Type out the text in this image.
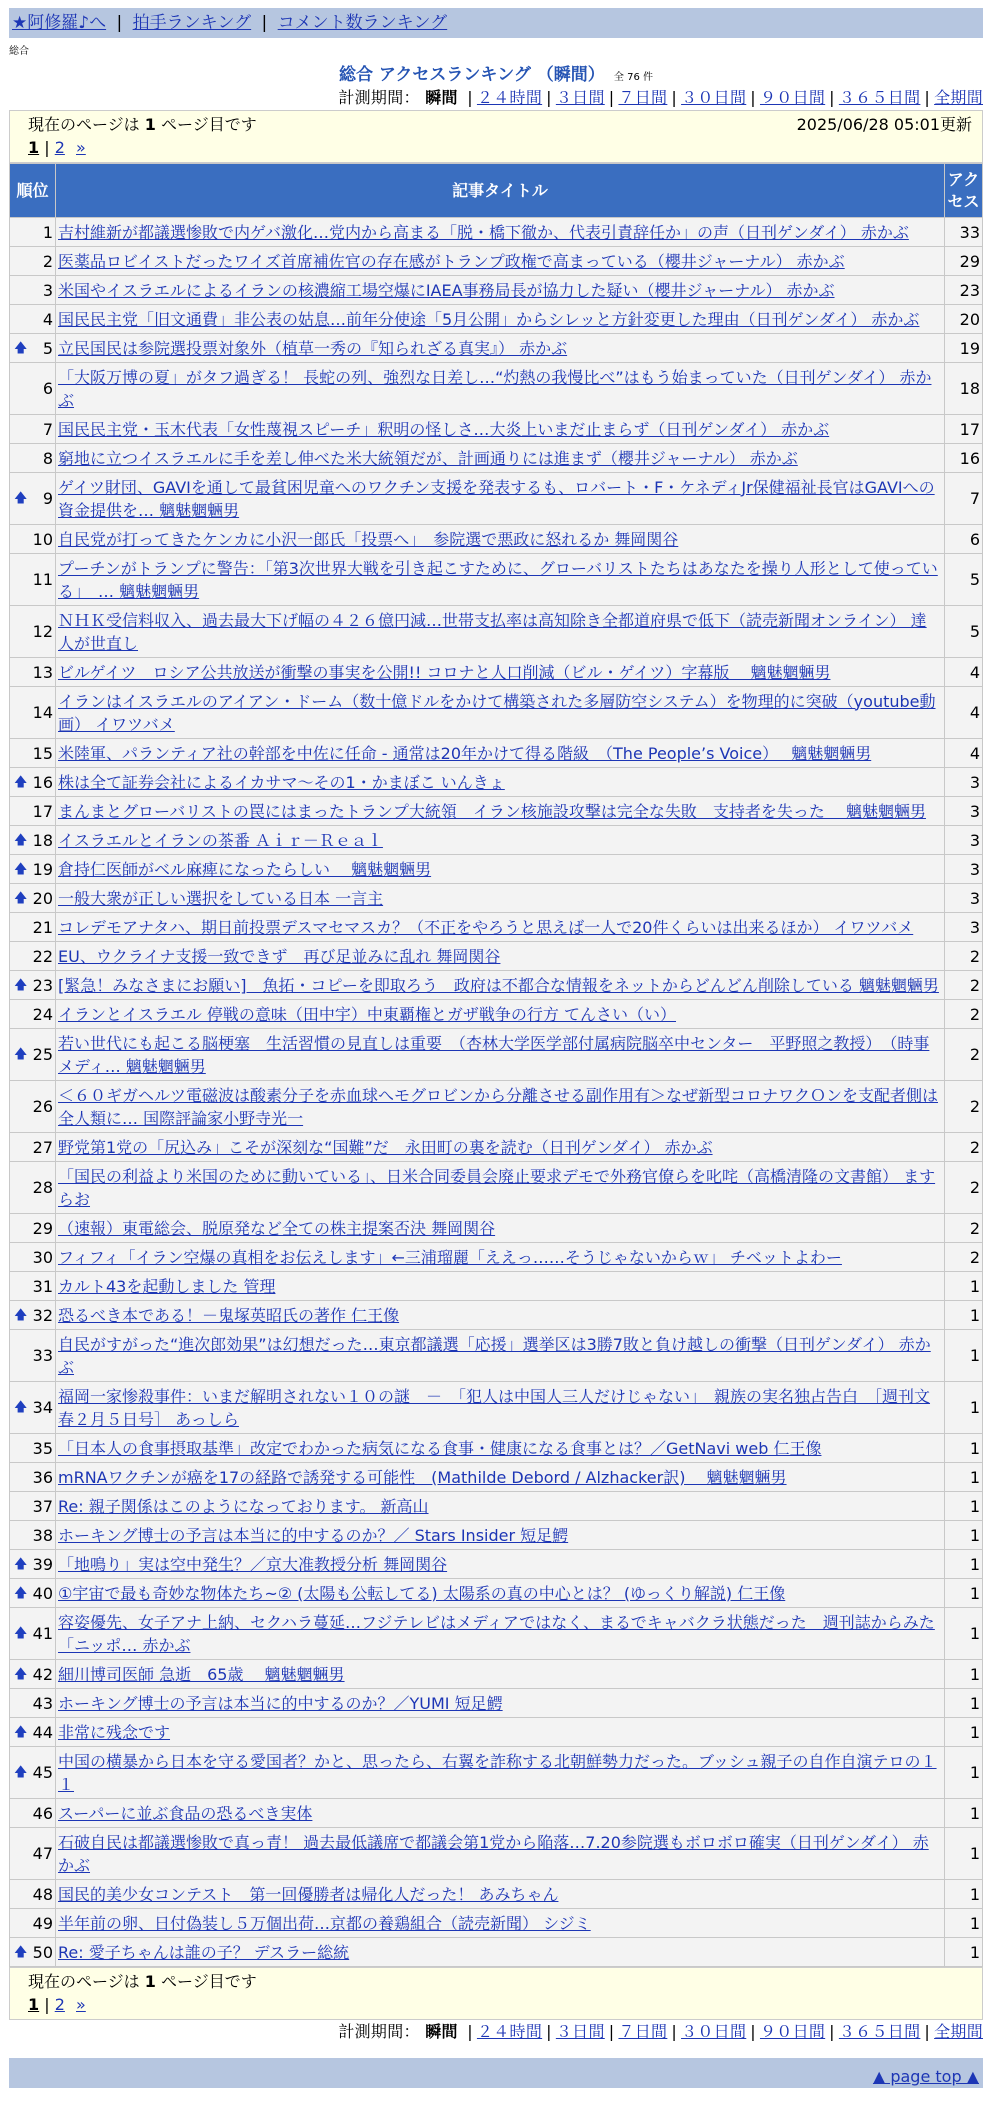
★阿修羅♪へ | 拍手ランキング | コメント数ランキング
総合
総合 アクセスランキング （瞬間） 全 76 件
計測期間： 瞬間 | ２４時間 | ３日間 | ７日間 | ３０日間 | ９０日間 | ３６５日間 | 全期間
現在のページは 1 ページ目です	2025/06/28 05:01更新
1 | 2 »
順位	記事タイトル	アクセス
1	吉村維新が都議選惨敗で内ゲバ激化…党内から高まる「脱・橋下徹か、代表引責辞任か」の声（日刊ゲンダイ） 赤かぶ	33
2	医薬品ロビイストだったワイズ首席補佐官の存在感がトランプ政権で高まっている（櫻井ジャーナル） 赤かぶ	29
3	米国やイスラエルによるイランの核濃縮工場空爆にIAEA事務局長が協力した疑い（櫻井ジャーナル） 赤かぶ	23
4	国民民主党「旧文通費」非公表の姑息…前年分使途「5月公開」からシレッと方針変更した理由（日刊ゲンダイ） 赤かぶ	20

🡅 5	立民国民は参院選投票対象外（植草一秀の『知られざる真実』） 赤かぶ	19
6	「大阪万博の夏」がタフ過ぎる！ 長蛇の列、強烈な日差し…“灼熱の我慢比べ”はもう始まっていた（日刊ゲンダイ） 赤かぶ	18
7	国民民主党・玉木代表「女性蔑視スピーチ」釈明の怪しさ…大炎上いまだ止まらず（日刊ゲンダイ） 赤かぶ	17
8	窮地に立つイスラエルに手を差し伸べた米大統領だが、計画通りには進まず（櫻井ジャーナル） 赤かぶ	16

🡅 9	ゲイツ財団、GAVIを通して最貧困児童へのワクチン支援を発表するも、ロバート・F・ケネディJr保健福祉長官はGAVIへの資金提供を… 魑魅魍魎男	7
10	自民党が打ってきたケンカに小沢一郎氏「投票へ」　参院選で悪政に怒れるか 舞岡関谷	6
11	プーチンがトランプに警告：「第3次世界大戦を引き起こすために、グローバリストたちはあなたを操り人形として使っている」　… 魑魅魍魎男	5
12	ＮＨＫ受信料収入、過去最大下げ幅の４２６億円減…世帯支払率は高知除き全都道府県で低下（読売新聞オンライン） 達人が世直し	5
13	ビルゲイツ　ロシア公共放送が衝撃の事実を公開!! コロナと人口削減（ビル・ゲイツ）字幕版　 魑魅魍魎男	4
14	イランはイスラエルのアイアン・ドーム（数十億ドルをかけて構築された多層防空システム）を物理的に突破（youtube動画） イワツバメ	4
15	米陸軍、パランティア社の幹部を中佐に任命 - 通常は20年かけて得る階級　（The People’s Voice）　 魑魅魍魎男	4

🡅 16	株は全て証券会社によるイカサマ〜その1・かまぼこ いんきょ	3
17	まんまとグローバリストの罠にはまったトランプ大統領　イラン核施設攻撃は完全な失敗　支持者を失った　 魑魅魍魎男	3

🡅 18	イスラエルとイランの茶番 Ａｉｒ－Ｒｅａｌ	3

🡅 19	倉持仁医師がベル麻痺になったらしい　 魑魅魍魎男	3

🡅 20	一般大衆が正しい選択をしている日本 一言主	3
21	コレデモアナタハ、期日前投票デスマセマスカ？（不正をやろうと思えば一人で20件くらいは出来るほか） イワツバメ	3
22	EU、ウクライナ支援一致できず　再び足並みに乱れ 舞岡関谷	2

🡅 23	[緊急！みなさまにお願い]　魚拓・コピーを即取ろう　政府は不都合な情報をネットからどんどん削除している 魑魅魍魎男	2
24	イランとイスラエル 停戦の意味（田中宇）中東覇権とガザ戦争の行方 てんさい（い）	2

🡅 25	若い世代にも起こる脳梗塞　生活習慣の見直しは重要　（杏林大学医学部付属病院脳卒中センター　平野照之教授）　（時事メディ… 魑魅魍魎男	2
26	＜６０ギガヘルツ電磁波は酸素分子を赤血球へモグロビンから分離させる副作用有＞なぜ新型コロナワクＯンを支配者側は全人類に… 国際評論家小野寺光一	2
27	野党第1党の「尻込み」こそが深刻な“国難”だ　永田町の裏を読む（日刊ゲンダイ） 赤かぶ	2
28	「国民の利益より米国のために動いている」、日米合同委員会廃止要求デモで外務官僚らを叱咤（高橋清隆の文書館） ますらお	2
29	（速報）東電総会、脱原発など全ての株主提案否決 舞岡関谷	2
30	フィフィ「イラン空爆の真相をお伝えします」←三浦瑠麗「ええっ……そうじゃないからｗ」 チベットよわー	2
31	カルト43を起動しました 管理	1

🡅 32	恐るべき本である！－鬼塚英昭氏の著作 仁王像	1
33	自民がすがった“進次郎効果”は幻想だった…東京都議選「応援」選挙区は3勝7敗と負け越しの衝撃（日刊ゲンダイ） 赤かぶ	1

🡅 34	福岡一家惨殺事件：いまだ解明されない１０の謎　－　「犯人は中国人三人だけじゃない」　親族の実名独占告白　［週刊文春２月５日号］ あっしら	1
35	「日本人の食事摂取基準」改定でわかった病気になる食事・健康になる食事とは？／GetNavi web 仁王像	1
36	mRNAワクチンが癌を17の経路で誘発する可能性　(Mathilde Debord / Alzhacker訳)　 魑魅魍魎男	1
37	Re: 親子関係はこのようになっております。 新高山	1
38	ホーキング博士の予言は本当に的中するのか？／ Stars Insider 短足鰐	1

🡅 39	「地鳴り」実は空中発生？／京大准教授分析 舞岡関谷	1

🡅 40	①宇宙で最も奇妙な物体たち~② (太陽も公転してる) 太陽系の真の中心とは？ (ゆっくり解説) 仁王像	1

🡅 41	容姿優先、女子アナ上納、セクハラ蔓延…フジテレビはメディアではなく、まるでキャバクラ状態だった　週刊誌からみた「ニッポ… 赤かぶ	1

🡅 42	細川博司医師 急逝　65歳　 魑魅魍魎男	1
43	ホーキング博士の予言は本当に的中するのか？／YUMI 短足鰐	1

🡅 44	非常に残念です	1

🡅 45	中国の横暴から日本を守る愛国者？かと、思ったら、右翼を詐称する北朝鮮勢力だった。ブッシュ親子の自作自演テロの１１	1
46	スーパーに並ぶ食品の恐るべき実体	1
47	石破自民は都議選惨敗で真っ青！ 過去最低議席で都議会第1党から陥落…7.20参院選もボロボロ確実（日刊ゲンダイ） 赤かぶ	1
48	国民的美少女コンテスト　第一回優勝者は帰化人だった！ あみちゃん	1
49	半年前の卵、日付偽装し５万個出荷…京都の養鶏組合（読売新聞） シジミ	1

🡅 50	Re: 愛子ちゃんは誰の子？ デスラー総統	1
現在のページは 1 ページ目です
1 | 2 »
計測期間： 瞬間 | ２４時間 | ３日間 | ７日間 | ３０日間 | ９０日間 | ３６５日間 | 全期間
▲ page top ▲
